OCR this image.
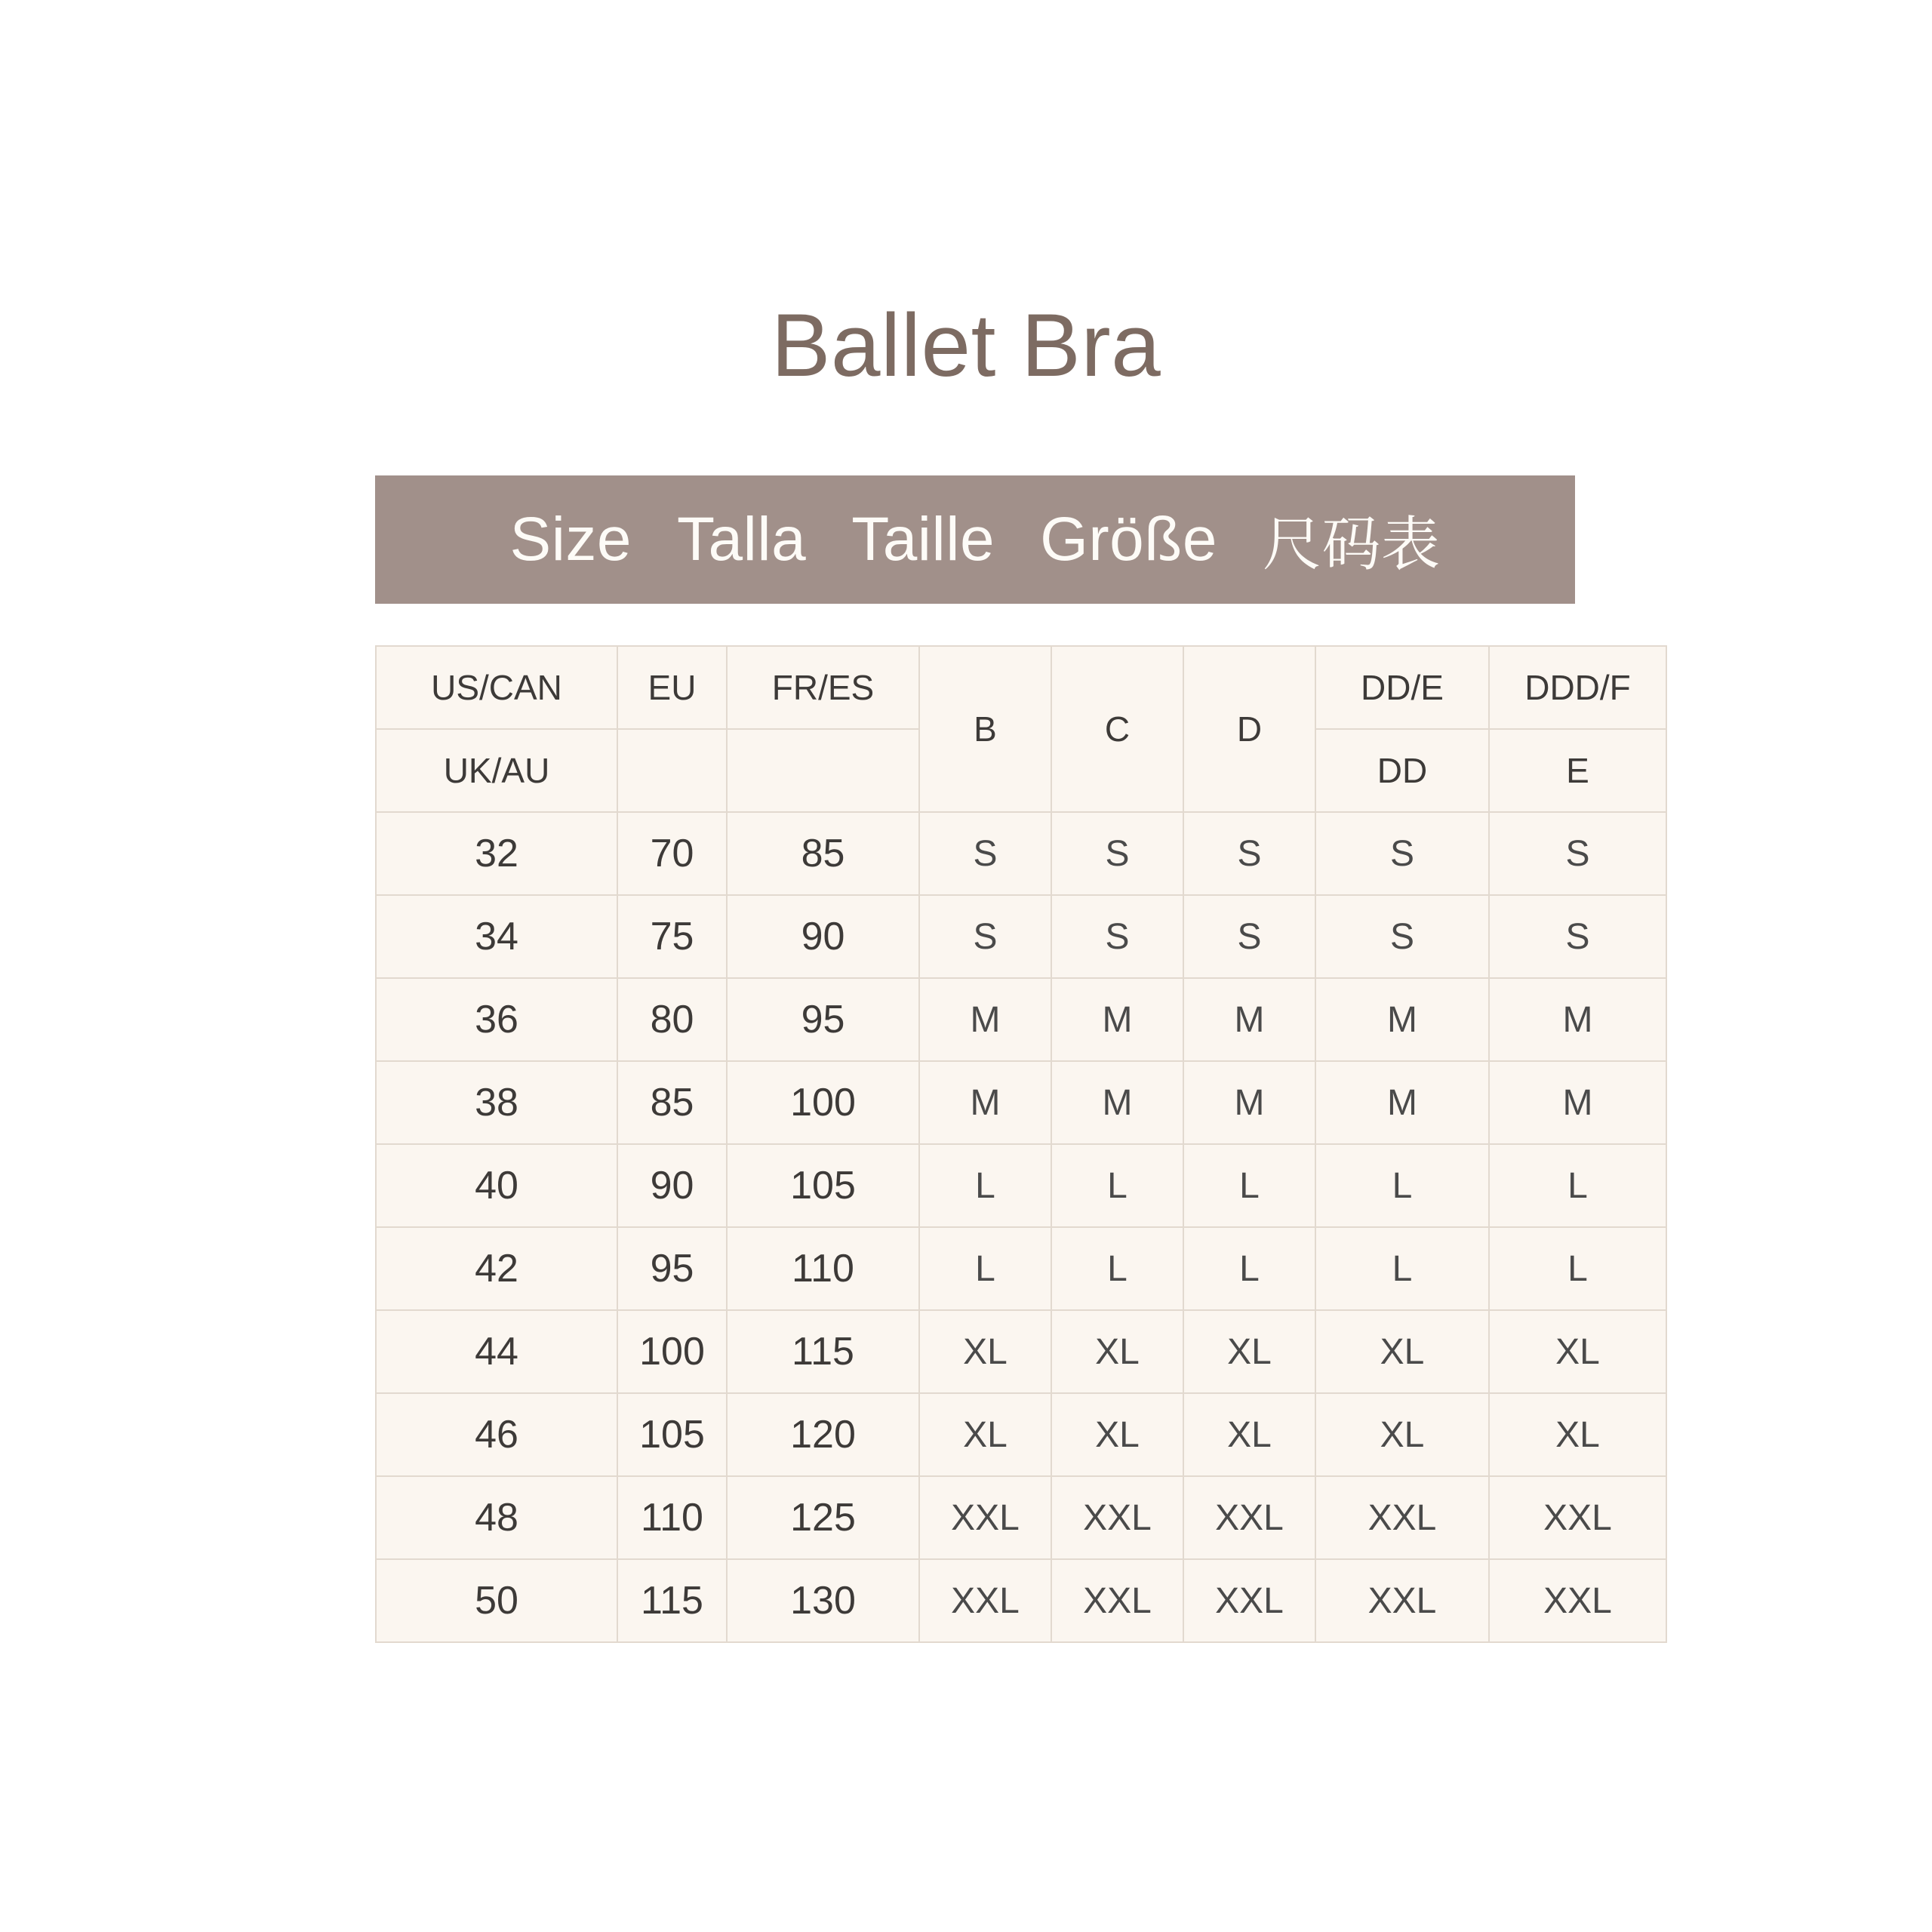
Ballet Bra
Size Talla Taille Größe 尺码表
US/CAN	EU	FR/ES	B	C	D	DD/E	DDD/F
UK/AU						DD	E
32	70	85	S	S	S	S	S
34	75	90	S	S	S	S	S
36	80	95	M	M	M	M	M
38	85	100	M	M	M	M	M
40	90	105	L	L	L	L	L
42	95	110	L	L	L	L	L
44	100	115	XL	XL	XL	XL	XL
46	105	120	XL	XL	XL	XL	XL
48	110	125	XXL	XXL	XXL	XXL	XXL
50	115	130	XXL	XXL	XXL	XXL	XXL
